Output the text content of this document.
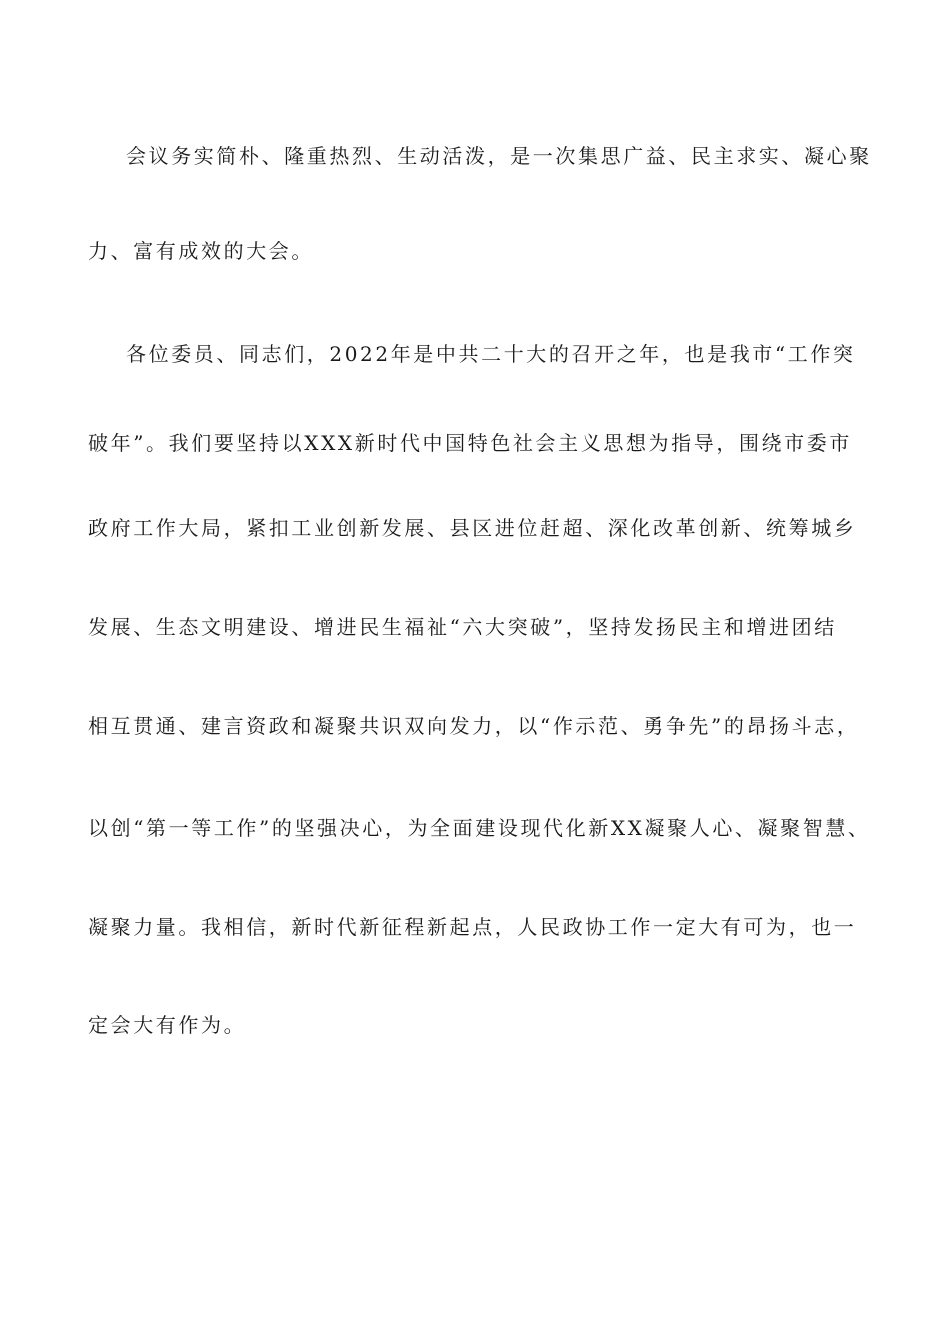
会议务实简朴、隆重热烈、生动活泼，是一次集思广益、民主求实、凝心聚
力、富有成效的大会。
各位委员、同志们，2022年是中共二十大的召开之年，也是我市“工作突
破年”。我们要坚持以XXX新时代中国特色社会主义思想为指导，围绕市委市
政府工作大局，紧扣工业创新发展、县区进位赶超、深化改革创新、统筹城乡
发展、生态文明建设、增进民生福祉“六大突破”，坚持发扬民主和增进团结
相互贯通、建言资政和凝聚共识双向发力，以“作示范、勇争先”的昂扬斗志，
以创“第一等工作”的坚强决心，为全面建设现代化新XX凝聚人心、凝聚智慧、
凝聚力量。我相信，新时代新征程新起点，人民政协工作一定大有可为，也一
定会大有作为。
